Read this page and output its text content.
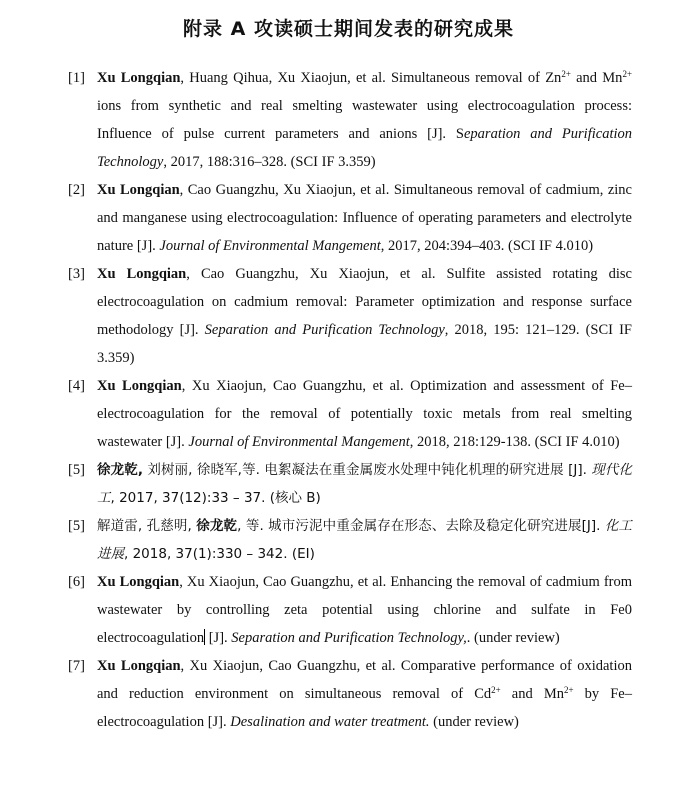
附录 A 攻读硕士期间发表的研究成果
[1] Xu Longqian, Huang Qihua, Xu Xiaojun, et al. Simultaneous removal of $Zn^{2+}$ and $Mn^{2+}$ ions from synthetic and real smelting wastewater using electrocoagulation process: Influence of pulse current parameters and anions [J]. Separation and Purification Technology, 2017, 188:316–328. (SCI IF 3.359)
[2] Xu Longqian, Cao Guangzhu, Xu Xiaojun, et al. Simultaneous removal of cadmium, zinc and manganese using electrocoagulation: Influence of operating parameters and electrolyte nature [J]. Journal of Environmental Mangement, 2017, 204:394–403. (SCI IF 4.010)
[3] Xu Longqian, Cao Guangzhu, Xu Xiaojun, et al. Sulfite assisted rotating disc electrocoagulation on cadmium removal: Parameter optimization and response surface methodology [J]. Separation and Purification Technology, 2018, 195: 121–129. (SCI IF 3.359)
[4] Xu Longqian, Xu Xiaojun, Cao Guangzhu, et al. Optimization and assessment of Fe–electrocoagulation for the removal of potentially toxic metals from real smelting wastewater [J]. Journal of Environmental Mangement, 2018, 218:129-138. (SCI IF 4.010)
[5] 徐龙乾, 刘树丽, 徐晓军,等. 电絮凝法在重金属废水处理中钝化机理的研究进展 [J]. 现代化工, 2017, 37(12):33 – 37. (核心 B)
[5] 解道雷, 孔慈明, 徐龙乾, 等. 城市污泥中重金属存在形态、去除及稳定化研究进展[J]. 化工进展, 2018, 37(1):330 – 342. (EI)
[6] Xu Longqian, Xu Xiaojun, Cao Guangzhu, et al. Enhancing the removal of cadmium from wastewater by controlling zeta potential using chlorine and sulfate in Fe0 electrocoagulation [J]. Separation and Purification Technology,. (under review)
[7] Xu Longqian, Xu Xiaojun, Cao Guangzhu, et al. Comparative performance of oxidation and reduction environment on simultaneous removal of $Cd^{2+}$ and $Mn^{2+}$ by Fe–electrocoagulation [J]. Desalination and water treatment. (under review)
